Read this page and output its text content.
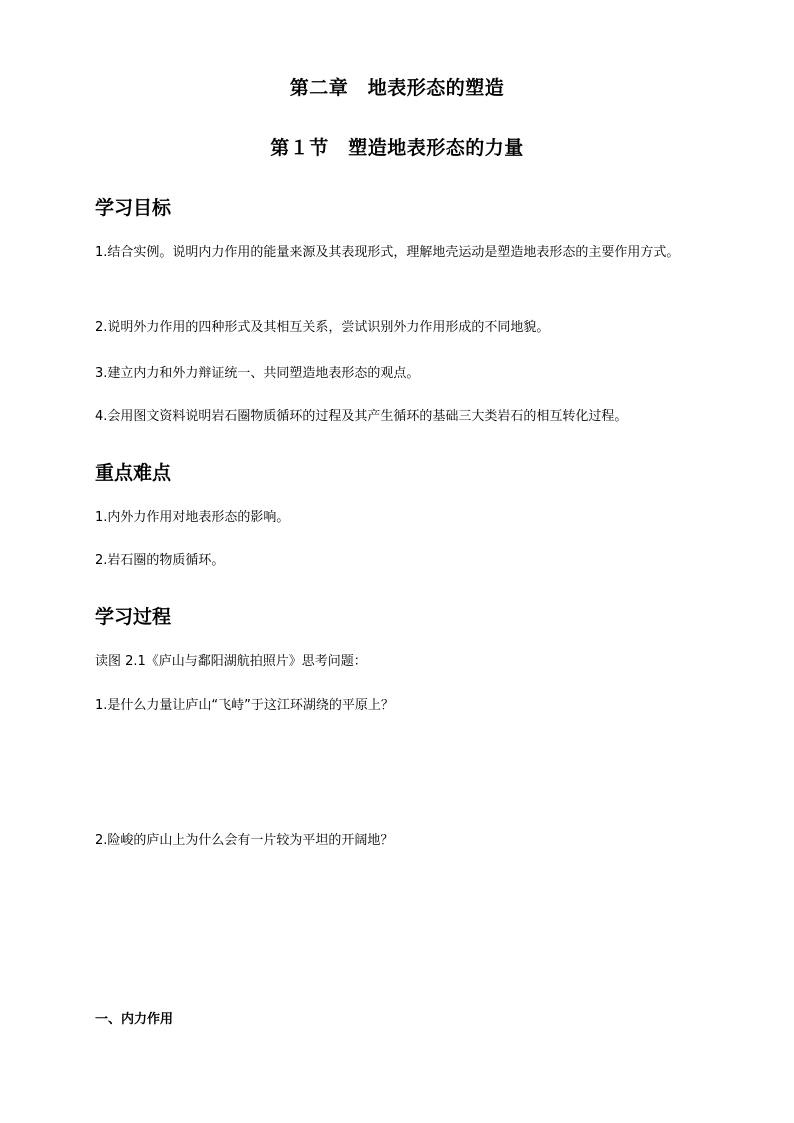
第二章　地表形态的塑造
第１节　塑造地表形态的力量
学习目标
1.结合实例。说明内力作用的能量来源及其表现形式，理解地壳运动是塑造地表形态的主要作用方式。
2.说明外力作用的四种形式及其相互关系，尝试识别外力作用形成的不同地貌。
3.建立内力和外力辩证统一、共同塑造地表形态的观点。
4.会用图文资料说明岩石圈物质循环的过程及其产生循环的基础三大类岩石的相互转化过程。
重点难点
1.内外力作用对地表形态的影响。
2.岩石圈的物质循环。
学习过程
读图 2.1《庐山与鄱阳湖航拍照片》思考问题：
1.是什么力量让庐山“飞峙”于这江环湖绕的平原上？
2.险峻的庐山上为什么会有一片较为平坦的开阔地？
一、内力作用
